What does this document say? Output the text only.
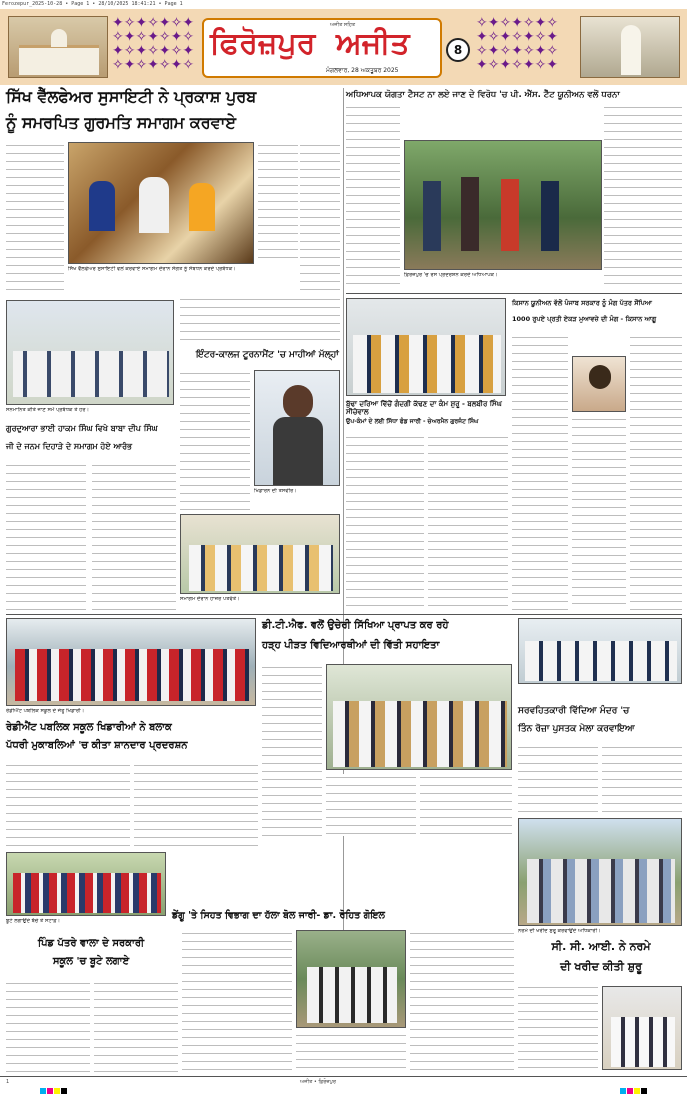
Ferozepur_2025-10-28 • Page 1 • 28/10/2025 18:41:21 • Page 1
✦✧✦✧✦✧✦
✧✦✧✦✧✦✧
✦✧✦✧✦✧✦
✧✦✧✦✧✦✧
ਅਜੀਤ ਸਹਿਤ
ਫਿਰੋਜ਼ਪੁਰ ਅਜੀਤ
ਮੰਗਲਵਾਰ, 28 ਅਕਤੂਬਰ 2025
8
✧✦✧✦✧✦✧
✦✧✦✧✦✧✦
✧✦✧✦✧✦✧
✦✧✦✧✦✧✦
ਸਿੱਖ ਵੈੱਲਫੇਅਰ ਸੁਸਾਇਟੀ ਨੇ ਪ੍ਰਕਾਸ਼ ਪੁਰਬ
ਨੂੰ ਸਮਰਪਿਤ ਗੁਰਮਤਿ ਸਮਾਗਮ ਕਰਵਾਏ
ਸਿੱਖ ਵੈੱਲਫੇਅਰ ਸੁਸਾਇਟੀ ਵਲੋਂ ਕਰਵਾਏ ਸਮਾਗਮ ਦੌਰਾਨ ਸੰਗਤ ਨੂੰ ਸੰਬੋਧਨ ਕਰਦੇ ਪ੍ਰਬੰਧਕ।
ਅਧਿਆਪਕ ਯੋਗਤਾ ਟੈਸਟ ਨਾ ਲਏ ਜਾਣ ਦੇ ਵਿਰੋਧ 'ਚ ਪੀ. ਐੱਸ. ਟੈੱਟ ਯੂਨੀਅਨ ਵਲੋਂ ਧਰਨਾ
ਫ਼ਿਰੋਜ਼ਪੁਰ 'ਚ ਰੋਸ ਪ੍ਰਦਰਸ਼ਨ ਕਰਦੇ ਅਧਿਆਪਕ।
ਸਨਮਾਨਿਤ ਕੀਤੇ ਜਾਣ ਸਮੇਂ ਪ੍ਰਬੰਧਕ ਤੇ ਹੋਰ।
ਗੁਰਦੁਆਰਾ ਭਾਈ ਹਾਕਮ ਸਿੰਘ ਵਿਖੇ ਬਾਬਾ ਦੀਪ ਸਿੰਘ
ਜੀ ਦੇ ਜਨਮ ਦਿਹਾੜੇ ਦੇ ਸਮਾਗਮ ਹੋਏ ਆਰੰਭ
ਇੰਟਰ-ਕਾਲਜ ਟੂਰਨਾਮੈਂਟ 'ਚ ਮਾਹੀਆਂ ਮੱਲ੍ਹਾਂ
ਖਿਡਾਰਨ ਦੀ ਤਸਵੀਰ।
ਸਮਾਗਮ ਦੌਰਾਨ ਹਾਜ਼ਰ ਪਤਵੰਤੇ।
ਬੁੱਢਾ ਦਰਿਆ ਵਿੱਚੋਂ ਗੰਦਗੀ ਕੱਢਣ ਦਾ ਕੰਮ ਸ਼ੁਰੂ - ਬਲਬੀਰ ਸਿੰਘ ਸੀਚੇਵਾਲ
ਉਪ-ਕੰਮਾਂ ਦੇ ਲਈ ਸਿੱਧਾ ਫੰਡ ਜਾਰੀ - ਚੇਅਰਮੈਨ ਗੁਰਜੰਟ ਸਿੰਘ
ਕਿਸਾਨ ਯੂਨੀਅਨ ਵੱਲੋਂ ਪੰਜਾਬ ਸਰਕਾਰ ਨੂੰ ਮੰਗ ਪੱਤਰ ਸੌਂਪਿਆ
1000 ਰੁਪਏ ਪ੍ਰਤੀ ਏਕੜ ਮੁਆਵਜ਼ੇ ਦੀ ਮੰਗ - ਕਿਸਾਨ ਆਗੂ
ਰੇਡੀਐਂਟ ਪਬਲਿਕ ਸਕੂਲ ਦੇ ਜੇਤੂ ਖਿਡਾਰੀ।
ਰੇਡੀਐਂਟ ਪਬਲਿਕ ਸਕੂਲ ਖਿਡਾਰੀਆਂ ਨੇ ਬਲਾਕ
ਪੱਧਰੀ ਮੁਕਾਬਲਿਆਂ 'ਚ ਕੀਤਾ ਸ਼ਾਨਦਾਰ ਪ੍ਰਦਰਸ਼ਨ
ਡੀ.ਟੀ.ਐਫ. ਵਲੋਂ ਉਚੇਰੀ ਸਿੱਖਿਆ ਪ੍ਰਾਪਤ ਕਰ ਰਹੇ
ਹੜ੍ਹ ਪੀੜਤ ਵਿਦਿਆਰਥੀਆਂ ਦੀ ਵਿੱਤੀ ਸਹਾਇਤਾ
ਸਰਵਹਿਤਕਾਰੀ ਵਿੱਦਿਆ ਮੰਦਰ 'ਚ
ਤਿੰਨ ਰੋਜ਼ਾ ਪੁਸਤਕ ਮੇਲਾ ਕਰਵਾਇਆ
ਬੂਟੇ ਲਗਾਉਂਦੇ ਬੱਚੇ ਤੇ ਸਟਾਫ਼।
ਪਿੰਡ ਪੱਤਰੇ ਵਾਲਾ ਦੇ ਸਰਕਾਰੀ
ਸਕੂਲ 'ਚ ਬੂਟੇ ਲਗਾਏ
ਡੇਂਗੂ 'ਤੇ ਸਿਹਤ ਵਿਭਾਗ ਦਾ ਹੱਲਾ ਬੋਲ ਜਾਰੀ- ਡਾ. ਰੋਹਿਤ ਗੋਇਲ
ਨਰਮੇ ਦੀ ਖਰੀਦ ਸ਼ੁਰੂ ਕਰਵਾਉਂਦੇ ਅਧਿਕਾਰੀ।
ਸੀ. ਸੀ. ਆਈ. ਨੇ ਨਰਮੇ
ਦੀ ਖਰੀਦ ਕੀਤੀ ਸ਼ੁਰੂ
1	ਅਜੀਤ • ਫ਼ਿਰੋਜ਼ਪੁਰ
